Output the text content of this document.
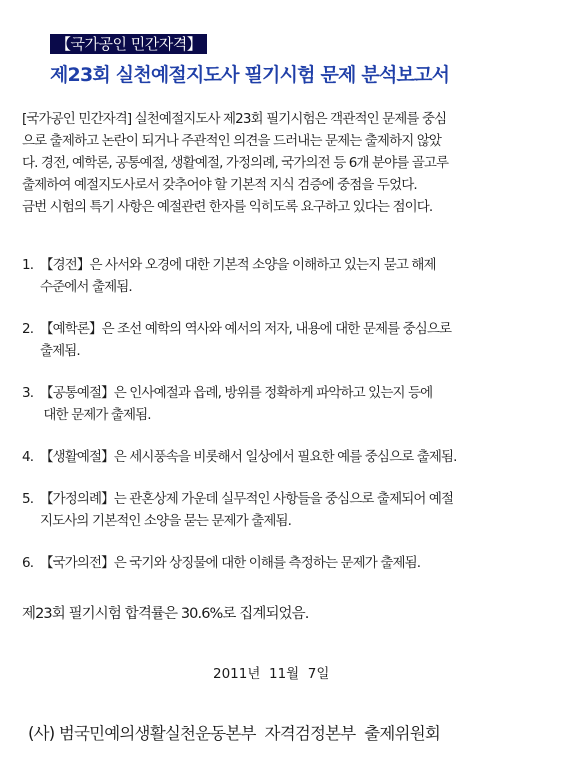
【국가공인 민간자격】
제23회 실천예절지도사 필기시험 문제 분석보고서

[국가공인 민간자격] 실천예절지도사 제23회 필기시험은 객관적인 문제를 중심
으로 출제하고 논란이 되거나 주관적인 의견을 드러내는 문제는 출제하지 않았
다. 경전, 예학론, 공통예절, 생활예절, 가정의례, 국가의전 등 6개 분야를 골고루
출제하여 예절지도사로서 갖추어야 할 기본적 지식 검증에 중점을 두었다.
금번 시험의 특기 사항은 예절관련 한자를 익히도록 요구하고 있다는 점이다.

1. 【경전】은 사서와 오경에 대한 기본적 소양을 이해하고 있는지 묻고 해제
수준에서 출제됨.
2. 【예학론】은 조선 예학의 역사와 예서의 저자, 내용에 대한 문제를 중심으로
출제됨.
3. 【공통예절】은 인사예절과 읍례, 방위를 정확하게 파악하고 있는지 등에
대한 문제가 출제됨.
4. 【생활예절】은 세시풍속을 비롯해서 일상에서 필요한 예를 중심으로 출제됨.
5. 【가정의례】는 관혼상제 가운데 실무적인 사항들을 중심으로 출제되어 예절
지도사의 기본적인 소양을 묻는 문제가 출제됨.
6. 【국가의전】은 국기와 상징물에 대한 이해를 측정하는 문제가 출제됨.
제23회 필기시험 합격률은 30.6%로 집계되었음.
2011년  11월  7일
(사) 범국민예의생활실천운동본부  자격검정본부  출제위원회
